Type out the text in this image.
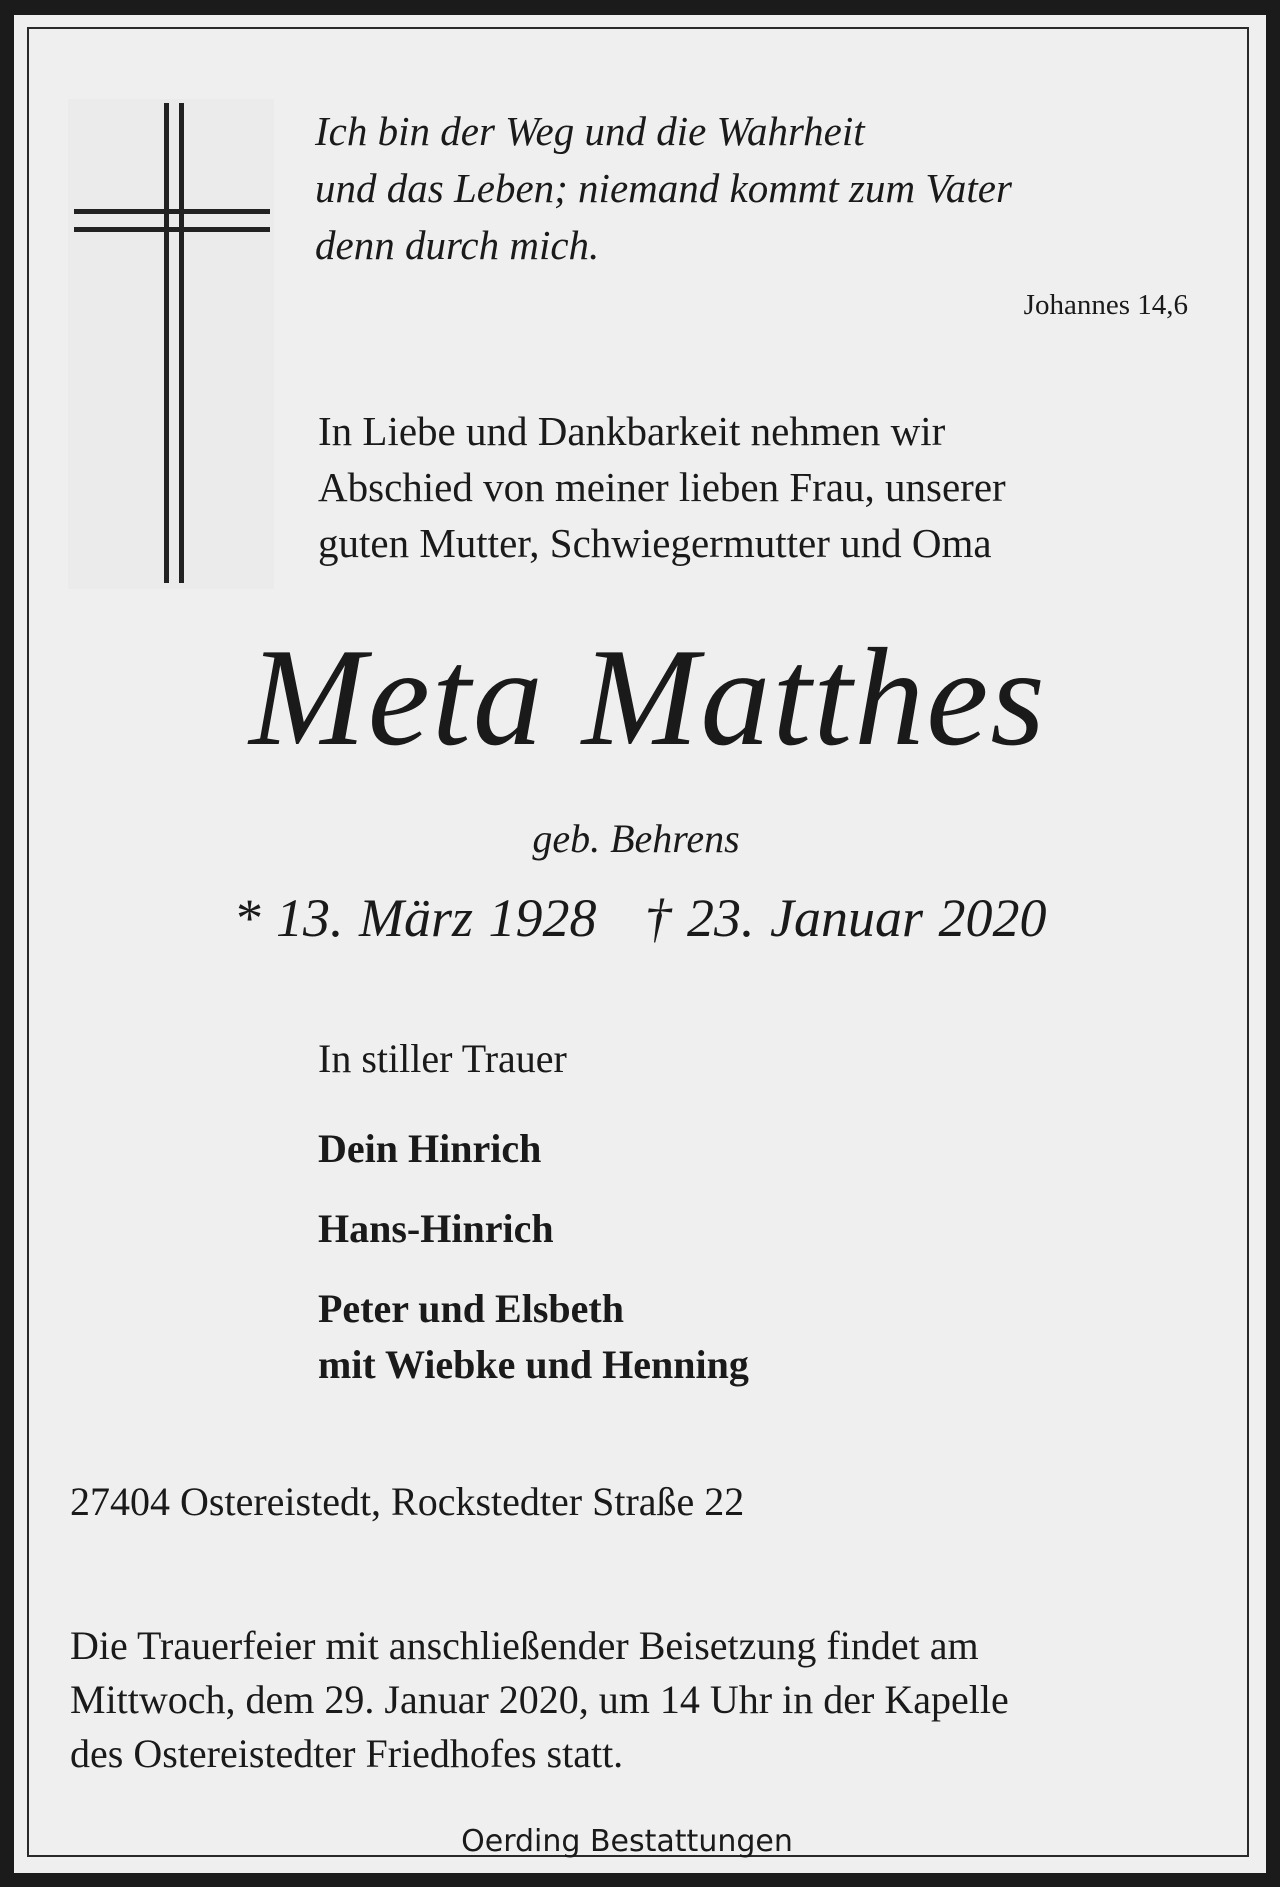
Ich bin der Weg und die Wahrheit
und das Leben; niemand kommt zum Vater
denn durch mich.
Johannes 14,6
In Liebe und Dankbarkeit nehmen wir
Abschied von meiner lieben Frau, unserer
guten Mutter, Schwiegermutter und Oma
Meta Matthes
geb. Behrens
* 13. März 1928 † 23. Januar 2020
In stiller Trauer
Dein Hinrich
Hans-Hinrich
Peter und Elsbeth
mit Wiebke und Henning
27404 Ostereistedt, Rockstedter Straße 22
Die Trauerfeier mit anschließender Beisetzung findet am
Mittwoch, dem 29. Januar 2020, um 14 Uhr in der Kapelle
des Ostereistedter Friedhofes statt.
Oerding Bestattungen
